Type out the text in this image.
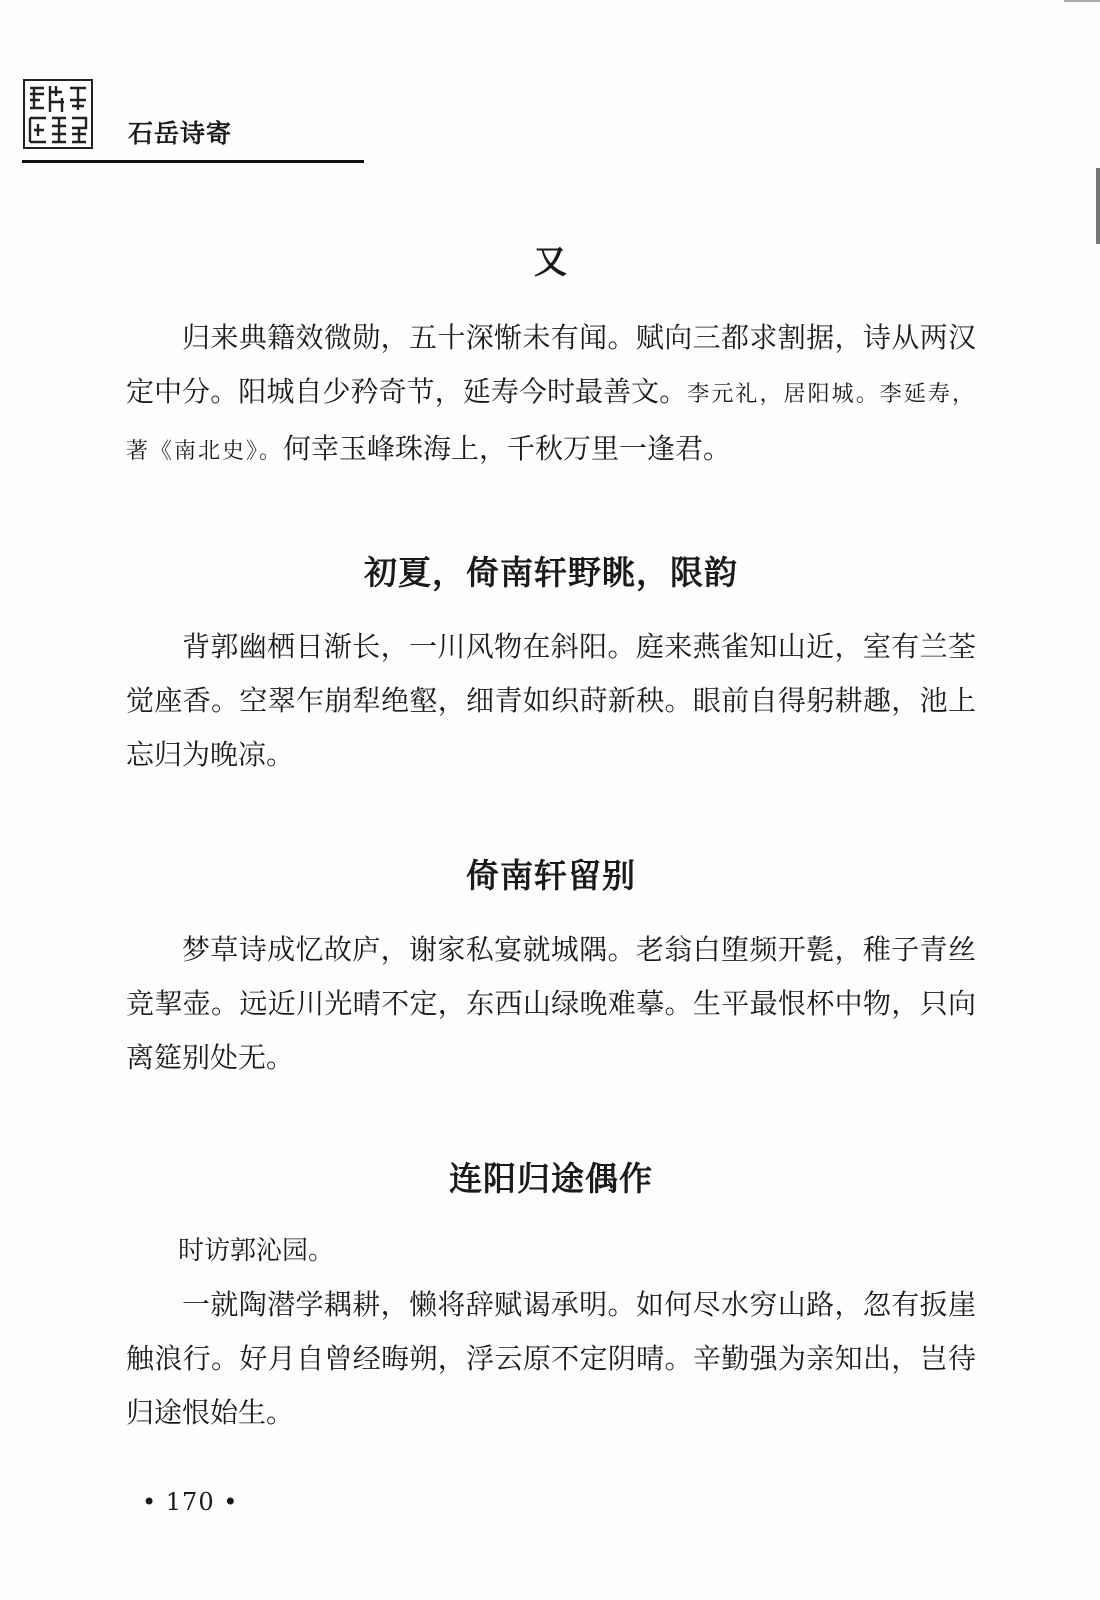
石岳诗寄
又

归来典籍效微勋，五十深惭未有闻。赋向三都求割据，诗从两汉定中分。阳城自少矜奇节，延寿今时最善文。李元礼，居阳城。李延寿，著《南北史》。何幸玉峰珠海上，千秋万里一逢君。

初夏，倚南轩野眺，限韵

背郭幽栖日渐长，一川风物在斜阳。庭来燕雀知山近，室有兰荃觉座香。空翠乍崩犁绝壑，细青如织莳新秧。眼前自得躬耕趣，池上忘归为晚凉。

倚南轩留别

梦草诗成忆故庐，谢家私宴就城隅。老翁白堕频开甏，稚子青丝竞挈壶。远近川光晴不定，东西山绿晚难摹。生平最恨杯中物，只向离筵别处无。

连阳归途偶作

时访郭沁园。

一就陶潜学耦耕，懒将辞赋谒承明。如何尽水穷山路，忽有扳崖触浪行。好月自曾经晦朔，浮云原不定阴晴。辛勤强为亲知出，岂待归途恨始生。

• 170 •
